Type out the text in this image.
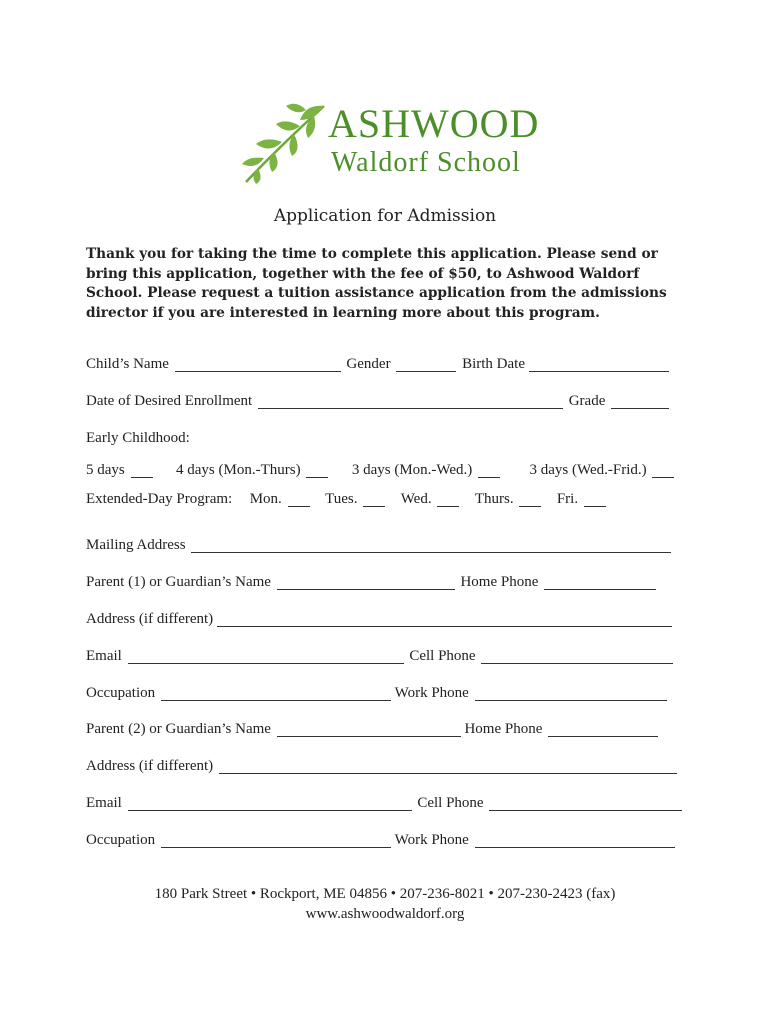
ASHWOOD
Waldorf School
Application for Admission

Thank you for taking the time to complete this application. Please send or bring this application, together with the fee of $50, to Ashwood Waldorf School. Please request a tuition assistance application from the admissions director if you are interested in learning more about this program.

Child’s Name	Gender	Birth Date
Date of Desired Enrollment	Grade
Early Childhood:
5 days	4 days (Mon.-Thurs)	3 days (Mon.-Wed.)	3 days (Wed.-Frid.)
Extended-Day Program: Mon.	Tues.	Wed.	Thurs.	Fri.
Mailing Address
Parent (1) or Guardian’s Name	Home Phone
Address (if different)
Email	Cell Phone
Occupation	Work Phone
Parent (2) or Guardian’s Name	Home Phone
Address (if different)
Email	Cell Phone
Occupation	Work Phone
180 Park Street • Rockport, ME 04856 • 207-236-8021 • 207-230-2423 (fax)
www.ashwoodwaldorf.org
